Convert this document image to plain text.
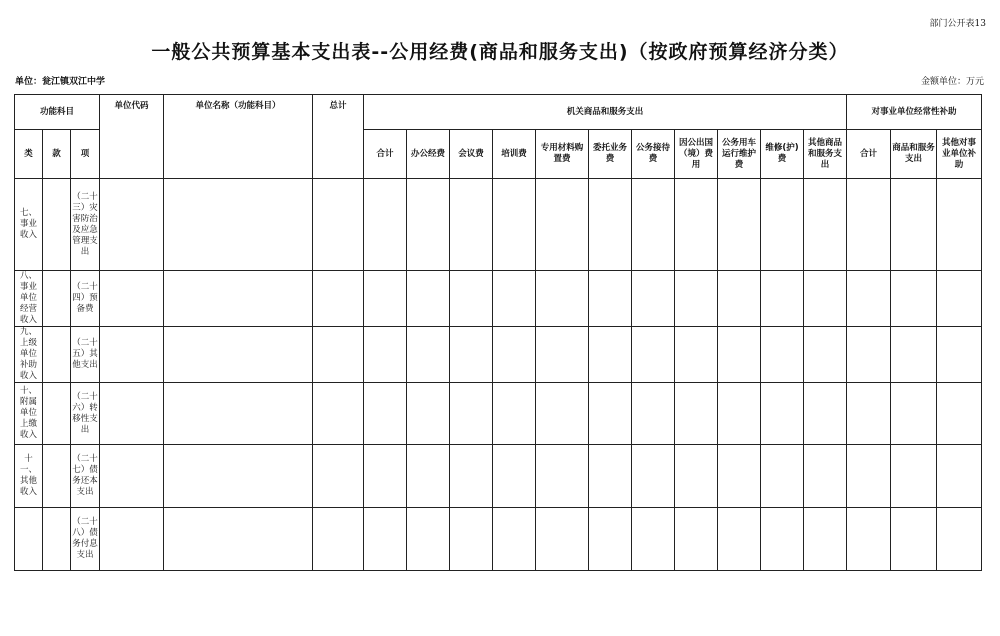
部门公开表13
一般公共预算基本支出表--公用经费(商品和服务支出)（按政府预算经济分类）
单位：瓮江镇双江中学	金额单位：万元
功能科目			单位代码	单位名称（功能科目）	总计	机关商品和服务支出											对事业单位经常性补助		
类	款	项				合计	办公经费	会议费	培训费	专用材料购置费	委托业务费	公务接待费	因公出国（境）费用	公务用车运行维护费	维修(护)费	其他商品和服务支出	合计	商品和服务支出	其他对事业单位补助

七、事业收入		（二十三）灾害防治及应急管理支出																	

八、事业单位经营收入		（二十四）预备费																	

九、上级单位补助收入		（二十五）其他支出																	

十、附属单位上缴收入		（二十六）转移性支出																	

十一、其他收入		（二十七）债务还本支出																	

		（二十八）债务付息支出																	
